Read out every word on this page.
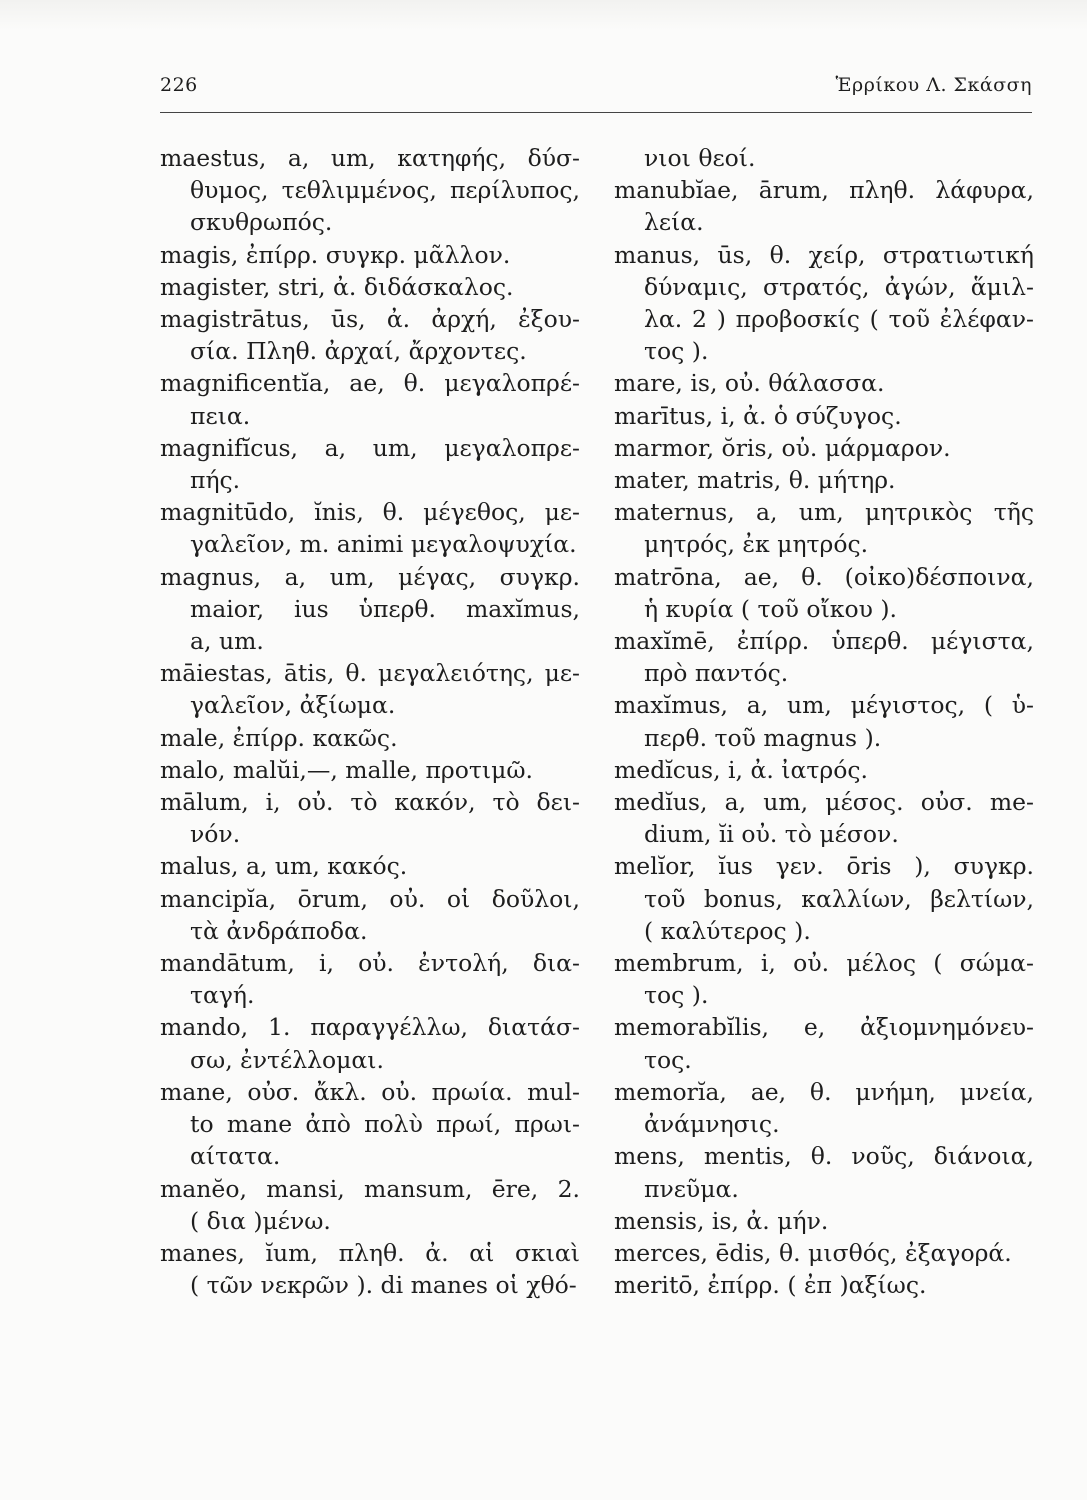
226	Ἑρρίκου Λ. Σκάσση
maestus, a, um, κατηφής, δύσ-
θυμος, τεθλιμμένος, περίλυπος,
σκυθρωπός.
magis, ἐπίρρ. συγκρ. μᾶλλον.
magister, stri, ἀ. διδάσκαλος.
magistrātus, ūs, ἀ. ἀρχή, ἐξου-
σία. Πληθ. ἀρχαί, ἄρχοντες.
magnificentĭa, ae, θ. μεγαλοπρέ-
πεια.
magnifĭcus, a, um, μεγαλοπρε-
πής.
magnitūdo, ĭnis, θ. μέγεθος, με-
γαλεῖον, m. animi μεγαλοψυχία.
magnus, a, um, μέγας, συγκρ.
maior, ius ὑπερθ. maxĭmus,
a, um.
māiestas, ātis, θ. μεγαλειότης, με-
γαλεῖον, ἀξίωμα.
male, ἐπίρρ. κακῶς.
malo, malŭi,—, malle, προτιμῶ.
mālum, i, οὐ. τὸ κακόν, τὸ δει-
νόν.
malus, a, um, κακός.
mancipĭa, ōrum, οὐ. οἱ δοῦλοι,
τὰ ἀνδράποδα.
mandātum, i, οὐ. ἐντολή, δια-
ταγή.
mando, 1. παραγγέλλω, διατάσ-
σω, ἐντέλλομαι.
mane, οὐσ. ἄκλ. οὐ. πρωία. mul-
to mane ἀπὸ πολὺ πρωί, πρωι-
αίτατα.
manĕo, mansi, mansum, ēre, 2.
( δια )μένω.
manes, ĭum, πληθ. ἀ. αἱ σκιαὶ
( τῶν νεκρῶν ). di manes οἱ χθό-
νιοι θεοί.
manubĭae, ārum, πληθ. λάφυρα,
λεία.
manus, ūs, θ. χείρ, στρατιωτική
δύναμις, στρατός, ἀγών, ἅμιλ-
λα. 2 ) προβοσκίς ( τοῦ ἐλέφαν-
τος ).
mare, is, οὐ. θάλασσα.
marītus, i, ἀ. ὁ σύζυγος.
marmor, ŏris, οὐ. μάρμαρον.
mater, matris, θ. μήτηρ.
maternus, a, um, μητρικὸς τῆς
μητρός, ἐκ μητρός.
matrōna, ae, θ. (οἰκο)δέσποινα,
ἡ κυρία ( τοῦ οἴκου ).
maxĭmē, ἐπίρρ. ὑπερθ. μέγιστα,
πρὸ παντός.
maxĭmus, a, um, μέγιστος, ( ὑ-
περθ. τοῦ magnus ).
medĭcus, i, ἀ. ἰατρός.
medĭus, a, um, μέσος. οὐσ. me-
dium, ĭi οὐ. τὸ μέσον.
melĭor, ĭus γεν. ōris ), συγκρ.
τοῦ bonus, καλλίων, βελτίων,
( καλύτερος ).
membrum, i, οὐ. μέλος ( σώμα-
τος ).
memorabĭlis, e, ἀξιομνημόνευ-
τος.
memorĭa, ae, θ. μνήμη, μνεία,
ἀνάμνησις.
mens, mentis, θ. νοῦς, διάνοια,
πνεῦμα.
mensis, is, ἀ. μήν.
merces, ēdis, θ. μισθός, ἐξαγορά.
meritō, ἐπίρρ. ( ἐπ )αξίως.
